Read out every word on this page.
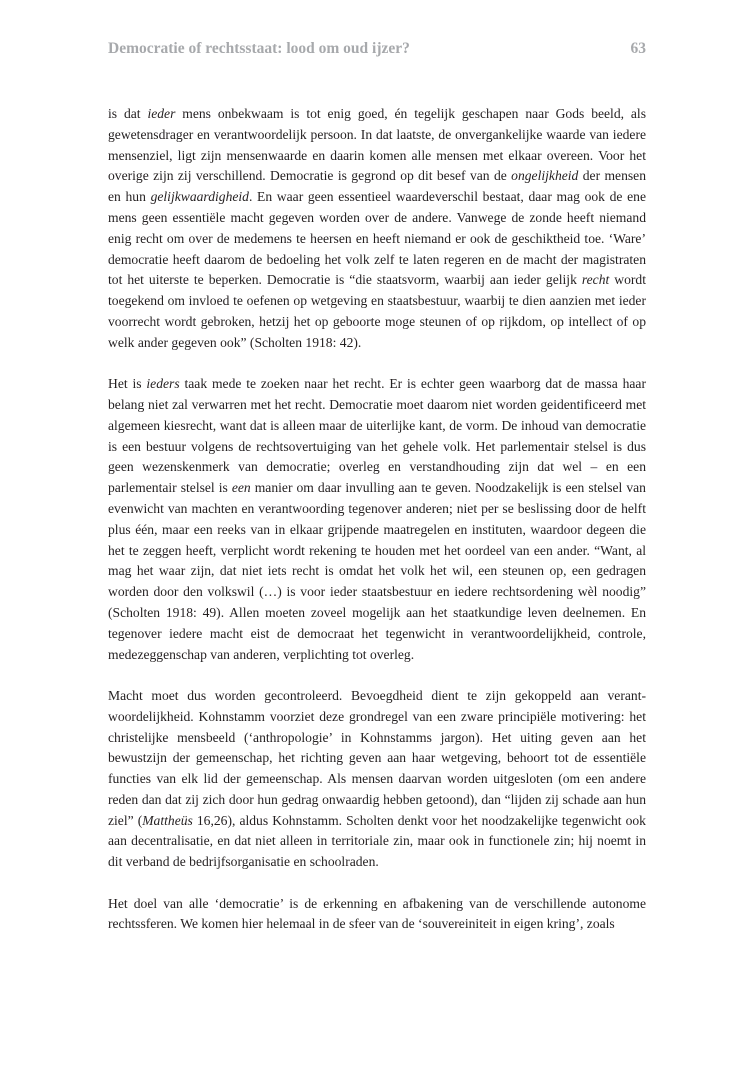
Democratie of rechtsstaat: lood om oud ijzer?	63

is dat ieder mens onbekwaam is tot enig goed, én tegelijk geschapen naar Gods beeld, als gewetensdrager en verantwoordelijk persoon. In dat laatste, de onvergankelijke waarde van iedere mensenziel, ligt zijn mensenwaarde en daarin komen alle mensen met elkaar overeen. Voor het overige zijn zij verschillend. Democratie is gegrond op dit besef van de ongelijkheid der mensen en hun gelijkwaardigheid. En waar geen essentieel waardeverschil bestaat, daar mag ook de ene mens geen essentiële macht gegeven worden over de andere. Vanwege de zonde heeft niemand enig recht om over de medemens te heersen en heeft niemand er ook de geschiktheid toe. ‘Ware’ democratie heeft daarom de bedoeling het volk zelf te laten regeren en de macht der magistraten tot het uiterste te beperken. Democratie is “die staatsvorm, waarbij aan ieder gelijk recht wordt toegekend om invloed te oefenen op wetgeving en staatsbestuur, waarbij te dien aanzien met ieder voorrecht wordt gebroken, hetzij het op geboorte moge steunen of op rijkdom, op intellect of op welk ander gegeven ook” (Scholten 1918: 42).

Het is ieders taak mede te zoeken naar het recht. Er is echter geen waarborg dat de massa haar belang niet zal verwarren met het recht. Democratie moet daarom niet worden geidentificeerd met algemeen kiesrecht, want dat is alleen maar de uiterlijke kant, de vorm. De inhoud van democratie is een bestuur volgens de rechtsovertuiging van het gehele volk. Het parlementair stelsel is dus geen wezenskenmerk van democratie; overleg en verstandhouding zijn dat wel – en een parlementair stelsel is een manier om daar invulling aan te geven. Noodzakelijk is een stelsel van evenwicht van machten en verantwoording tegenover anderen; niet per se beslissing door de helft plus één, maar een reeks van in elkaar grijpende maatregelen en instituten, waardoor degeen die het te zeggen heeft, verplicht wordt rekening te houden met het oordeel van een ander. “Want, al mag het waar zijn, dat niet iets recht is omdat het volk het wil, een steunen op, een gedragen worden door den volkswil (…) is voor ieder staatsbestuur en iedere rechtsordening wèl noodig” (Scholten 1918: 49). Allen moeten zoveel mogelijk aan het staatkundige leven deelnemen. En tegenover iedere macht eist de democraat het tegenwicht in verantwoordelijkheid, controle, medezeggenschap van anderen, verplichting tot overleg.

Macht moet dus worden gecontroleerd. Bevoegdheid dient te zijn gekoppeld aan verantwoordelijkheid. Kohnstamm voorziet deze grondregel van een zware principiële motivering: het christelijke mensbeeld (‘anthropologie’ in Kohnstamms jargon). Het uiting geven aan het bewustzijn der gemeenschap, het richting geven aan haar wetgeving, behoort tot de essentiële functies van elk lid der gemeenschap. Als mensen daarvan worden uitgesloten (om een andere reden dan dat zij zich door hun gedrag onwaardig hebben getoond), dan “lijden zij schade aan hun ziel” (Mattheüs 16,26), aldus Kohnstamm. Scholten denkt voor het noodzakelijke tegenwicht ook aan decentralisatie, en dat niet alleen in territoriale zin, maar ook in functionele zin; hij noemt in dit verband de bedrijfsorganisatie en schoolraden.

Het doel van alle ‘democratie’ is de erkenning en afbakening van de verschillende autonome rechtssferen. We komen hier helemaal in de sfeer van de ‘souvereiniteit in eigen kring’, zoals
